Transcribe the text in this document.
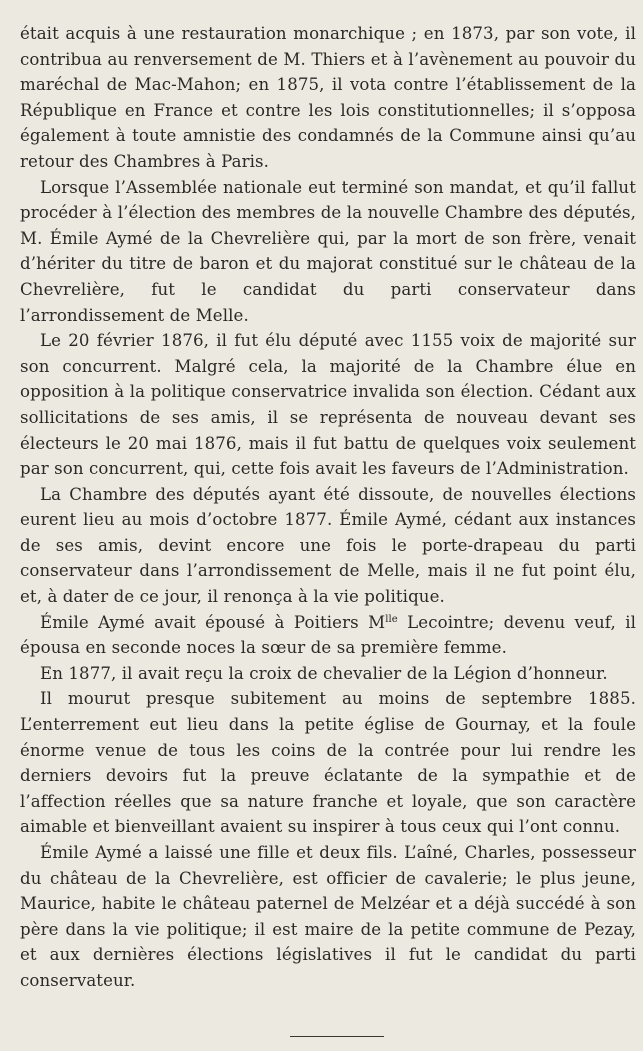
était acquis à une restauration monarchique ; en 1873, par son vote, il contribua au renversement de M. Thiers et à l’avènement au pouvoir du maréchal de Mac-Mahon; en 1875, il vota contre l’établissement de la République en France et contre les lois constitutionnelles; il s’opposa également à toute amnistie des condamnés de la Commune ainsi qu’au retour des Chambres à Paris.

Lorsque l’Assemblée nationale eut terminé son mandat, et qu’il fallut procéder à l’élection des membres de la nouvelle Chambre des députés, M. Émile Aymé de la Chevrelière qui, par la mort de son frère, venait d’hériter du titre de baron et du majorat constitué sur le château de la Chevrelière, fut le candidat du parti conservateur dans l’arrondissement de Melle.

Le 20 février 1876, il fut élu député avec 1155 voix de majorité sur son concurrent. Malgré cela, la majorité de la Chambre élue en opposition à la politique conservatrice invalida son élection. Cédant aux sollicitations de ses amis, il se représenta de nouveau devant ses électeurs le 20 mai 1876, mais il fut battu de quelques voix seulement par son concurrent, qui, cette fois avait les faveurs de l’Administration.

La Chambre des députés ayant été dissoute, de nouvelles élections eurent lieu au mois d’octobre 1877. Émile Aymé, cédant aux instances de ses amis, devint encore une fois le porte-drapeau du parti conservateur dans l’arrondissement de Melle, mais il ne fut point élu, et, à dater de ce jour, il renonça à la vie politique.

Émile Aymé avait épousé à Poitiers $M^{lle}$ Lecointre; devenu veuf, il épousa en seconde noces la sœur de sa première femme.

En 1877, il avait reçu la croix de chevalier de la Légion d’honneur.

Il mourut presque subitement au moins de septembre 1885. L’enterrement eut lieu dans la petite église de Gournay, et la foule énorme venue de tous les coins de la contrée pour lui rendre les derniers devoirs fut la preuve éclatante de la sympathie et de l’affection réelles que sa nature franche et loyale, que son caractère aimable et bienveillant avaient su inspirer à tous ceux qui l’ont connu.

Émile Aymé a laissé une fille et deux fils. L’aîné, Charles, possesseur du château de la Chevrelière, est officier de cavalerie; le plus jeune, Maurice, habite le château paternel de Melzéar et a déjà succédé à son père dans la vie politique; il est maire de la petite commune de Pezay, et aux dernières élections législatives il fut le candidat du parti conservateur.
